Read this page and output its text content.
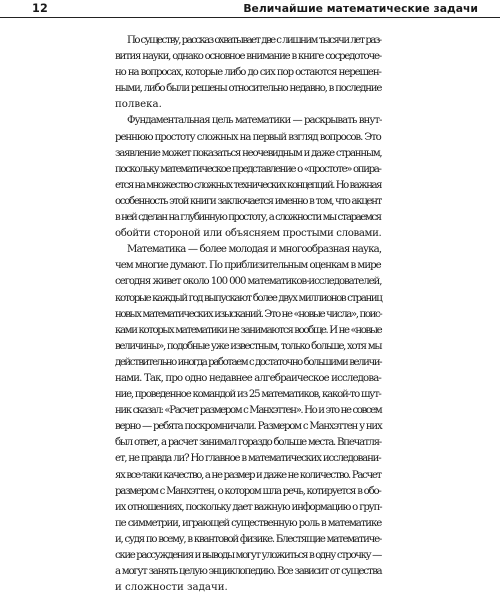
12	Величайшие математические задачи
По существу, рассказ охватывает две с лишним тысячи лет раз-
вития науки, однако основное внимание в книге сосредоточе-
но на вопросах, которые либо до сих пор остаются нерешен-
ными, либо были решены относительно недавно, в последние
полвека.
Фундаментальная цель математики — раскрывать внут-
реннюю простоту сложных на первый взгляд вопросов. Это
заявление может показаться неочевидным и даже странным,
поскольку математическое представление о «простоте» опира-
ется на множество сложных технических концепций. Но важная
особенность этой книги заключается именно в том, что акцент
в ней сделан на глубинную простоту, а сложности мы стараемся
обойти стороной или объясняем простыми словами.
Математика — более молодая и многообразная наука,
чем многие думают. По приблизительным оценкам в мире
сегодня живет около 100 000 математиков-исследователей,
которые каждый год выпускают более двух миллионов страниц
новых математических изысканий. Это не «новые числа», поис-
ками которых математики не занимаются вообще. И не «новые
величины», подобные уже известным, только больше, хотя мы
действительно иногда работаем с достаточно большими величи-
нами. Так, про одно недавнее алгебраическое исследова-
ние, проведенное командой из 25 математиков, какой-то шут-
ник сказал: «Расчет размером с Манхэттен». Но и это не совсем
верно — ребята поскромничали. Размером с Манхэттен у них
был ответ, а расчет занимал гораздо больше места. Впечатля-
ет, не правда ли? Но главное в математических исследовани-
ях все-таки качество, а не размер и даже не количество. Расчет
размером с Манхэттен, о котором шла речь, котируется в обо-
их отношениях, поскольку дает важную информацию о груп-
пе симметрии, играющей существенную роль в математике
и, судя по всему, в квантовой физике. Блестящие математиче-
ские рассуждения и выводы могут уложиться в одну строчку —
а могут занять целую энциклопедию. Все зависит от существа
и сложности задачи.
